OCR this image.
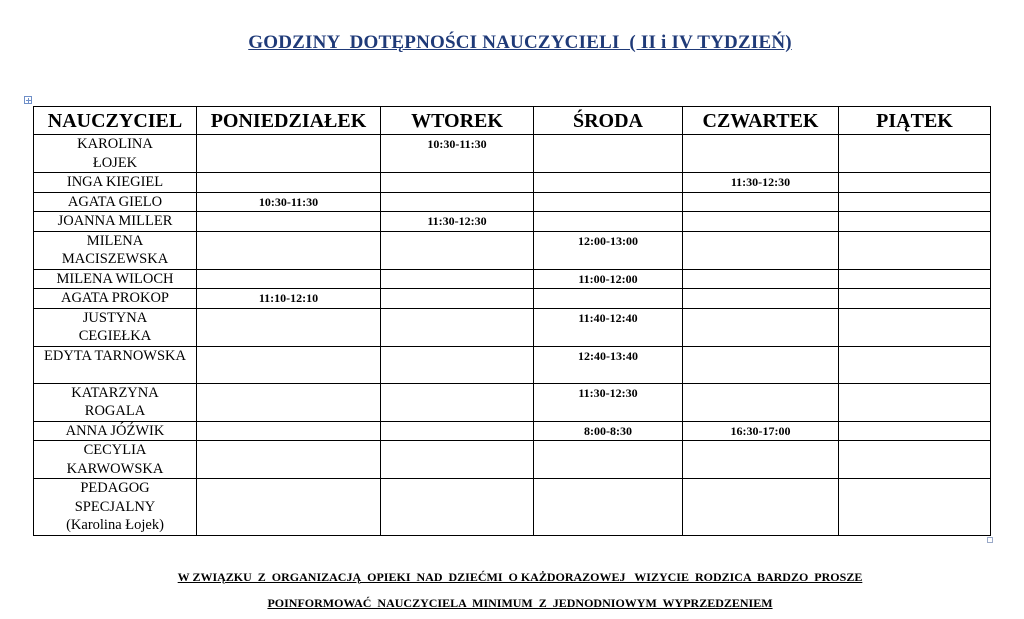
GODZINY  DOTĘPNOŚCI NAUCZYCIELI  ( II i IV TYDZIEŃ)
NAUCZYCIEL	PONIEDZIAŁEK	WTOREK	ŚRODA	CZWARTEK	PIĄTEK

KAROLINA ŁOJEK		10:30-11:30			

INGA KIEGIEL				11:30-12:30	

AGATA GIELO	10:30-11:30				

JOANNA MILLER		11:30-12:30			

MILENA MACISZEWSKA			12:00-13:00		

MILENA WILOCH			11:00-12:00		

AGATA PROKOP	11:10-12:10				

JUSTYNA CEGIEŁKA			11:40-12:40		

EDYTA TARNOWSKA			12:40-13:40		

KATARZYNA ROGALA			11:30-12:30		

ANNA JÓŹWIK			8:00-8:30	16:30-17:00	

CECYLIA KARWOWSKA					

PEDAGOG SPECJALNY (Karolina Łojek)					

W ZWIĄZKU  Z  ORGANIZACJĄ  OPIEKI  NAD  DZIEĆMI  O KAŻDORAZOWEJ   WIZYCIE  RODZICA  BARDZO  PROSZE
POINFORMOWAĆ  NAUCZYCIELA  MINIMUM  Z  JEDNODNIOWYM  WYPRZEDZENIEM
